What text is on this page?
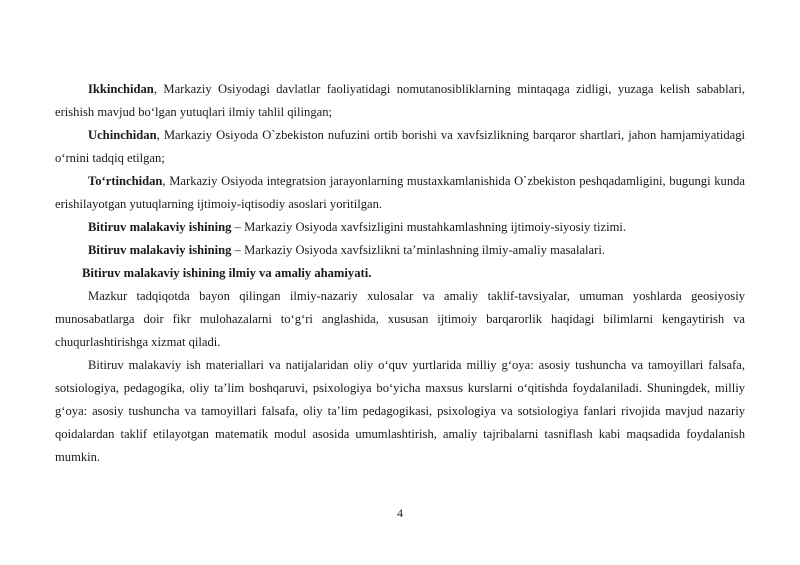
Ikkinchidan, Markaziy Osiyodagi davlatlar faoliyatidagi nomutanosibliklarning mintaqaga zidligi, yuzaga kelish sabablari, erishish mavjud bo‘lgan yutuqlari ilmiy tahlil qilingan;

Uchinchidan, Markaziy Osiyoda O`zbekiston nufuzini ortib borishi va xavfsizlikning barqaror shartlari, jahon hamjamiyatidagi o‘rnini tadqiq etilgan;

To‘rtinchidan, Markaziy Osiyoda integratsion jarayonlarning mustaxkamlanishida O`zbekiston peshqadamligini, bugungi kunda erishilayotgan yutuqlarning ijtimoiy-iqtisodiy asoslari yoritilgan.

Bitiruv malakaviy ishining – Markaziy Osiyoda xavfsizligini mustahkamlashning ijtimoiy-siyosiy tizimi.

Bitiruv malakaviy ishining – Markaziy Osiyoda xavfsizlikni ta’minlashning ilmiy-amaliy masalalari.

Bitiruv malakaviy ishining ilmiy va amaliy ahamiyati.

Mazkur tadqiqotda bayon qilingan ilmiy-nazariy xulosalar va amaliy taklif-tavsiyalar, umuman yoshlarda geosiyosiy munosabatlarga doir fikr mulohazalarni to‘g‘ri anglashida, xususan ijtimoiy barqarorlik haqidagi bilimlarni kengaytirish va chuqurlashtirishga xizmat qiladi.

Bitiruv malakaviy ish materiallari va natijalaridan oliy o‘quv yurtlarida milliy g‘oya: asosiy tushuncha va tamoyillari falsafa, sotsiologiya, pedagogika, oliy ta’lim boshqaruvi, psixologiya bo‘yicha maxsus kurslarni o‘qitishda foydalaniladi. Shuningdek, milliy g‘oya: asosiy tushuncha va tamoyillari falsafa, oliy ta’lim pedagogikasi, psixologiya va sotsiologiya fanlari rivojida mavjud nazariy qoidalardan taklif etilayotgan matematik modul asosida umumlashtirish, amaliy tajribalarni tasniflash kabi maqsadida foydalanish mumkin.

4
